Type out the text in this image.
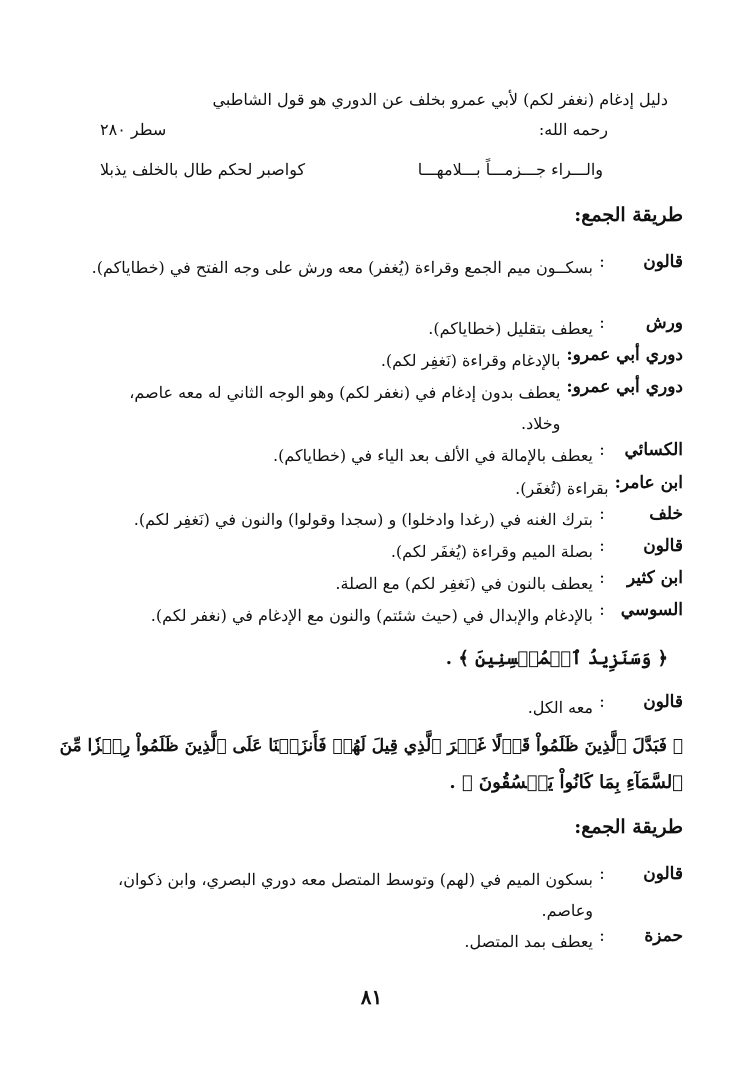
دليل إدغام (نغفر لكم) لأبي عمرو بخلف عن الدوري هو قول الشاطبي
رحمه الله:
سطر ٢٨٠
والـــراء جـــزمـــاً بـــلامهـــا
كواصبر لحكم طال بالخلف يذبلا
طريقة الجمع:
قالون
:
بسكــون ميم الجمع وقراءة (يُغفر) معه ورش على وجه الفتح في (خطاياكم).
ورش
:
يعطف بتقليل (خطاياكم).
دوري أبي عمرو:
بالإدغام وقراءة (نَغفِر لكم).
دوري أبي عمرو:
يعطف بدون إدغام في (نغفر لكم) وهو الوجه الثاني له معه عاصم، وخلاد.
الكسائي
:
يعطف بالإمالة في الألف بعد الياء في (خطاياكم).
ابن عامر:
بقراءة (تُغفَر).
خلف
:
بترك الغنه في (رغدا وادخلوا) و (سجدا وقولوا) والنون في (نَغفِر لكم).
قالون
:
بصلة الميم وقراءة (يُغفَر لكم).
ابن كثير
:
يعطف بالنون في (نَغفِر لكم) مع الصلة.
السوسي
:
بالإدغام والإبدال في (حيث شئتم) والنون مع الإدغام في (نغفر لكم).
﴿ وَسَنَزِيدُ ٱلۡمُحۡسِنِينَ ﴾ .
قالون
:
معه الكل.
﴿ فَبَدَّلَ ٱلَّذِينَ ظَلَمُواْ قَوۡلًا غَيۡرَ ٱلَّذِي قِيلَ لَهُمۡ فَأَنزَلۡنَا عَلَى ٱلَّذِينَ ظَلَمُواْ رِجۡزٗا مِّنَ
ٱلسَّمَآءِ بِمَا كَانُواْ يَفۡسُقُونَ ﴾ .
طريقة الجمع:
قالون
:
بسكون الميم في (لهم) وتوسط المتصل معه دوري البصري، وابن ذكوان، وعاصم.
حمزة
:
يعطف بمد المتصل.
٨١
